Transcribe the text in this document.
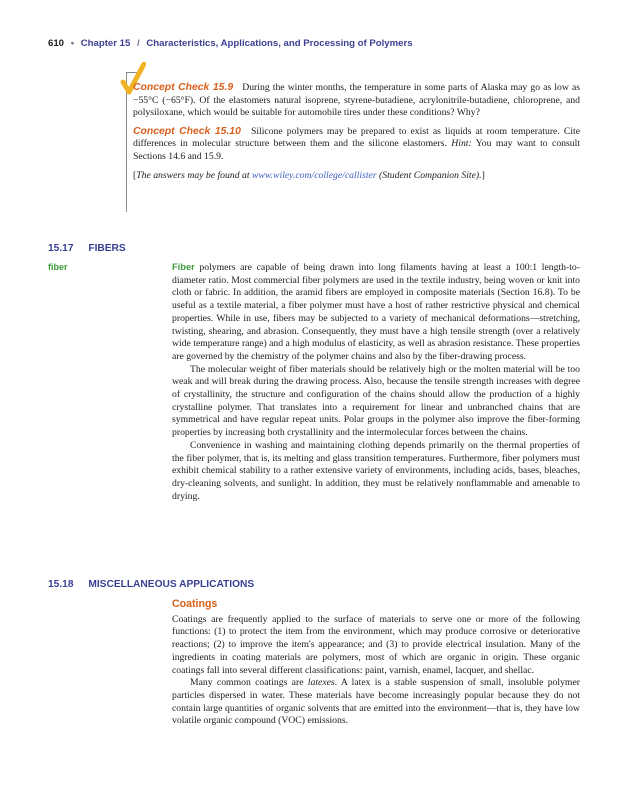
610 • Chapter 15 / Characteristics, Applications, and Processing of Polymers

Concept Check 15.9 During the winter months, the temperature in some parts of Alaska may go as low as −55°C (−65°F). Of the elastomers natural isoprene, styrene-butadiene, acrylonitrile-butadiene, chloroprene, and polysiloxane, which would be suitable for automobile tires under these conditions? Why?

Concept Check 15.10 Silicone polymers may be prepared to exist as liquids at room temperature. Cite differences in molecular structure between them and the silicone elastomers. Hint: You may want to consult Sections 14.6 and 15.9.

[The answers may be found at www.wiley.com/college/callister (Student Companion Site).]

15.17 FIBERS
fiber	Fiber polymers are capable of being drawn into long filaments having at least a 100:1 length-to-diameter ratio. Most commercial fiber polymers are used in the textile industry, being woven or knit into cloth or fabric. In addition, the aramid fibers are employed in composite materials (Section 16.8). To be useful as a textile material, a fiber polymer must have a host of rather restrictive physical and chemical properties. While in use, fibers may be subjected to a variety of mechanical deformations—stretching, twisting, shearing, and abrasion. Consequently, they must have a high tensile strength (over a relatively wide temperature range) and a high modulus of elasticity, as well as abrasion resistance. These properties are governed by the chemistry of the polymer chains and also by the fiber-drawing process.

The molecular weight of fiber materials should be relatively high or the molten material will be too weak and will break during the drawing process. Also, because the tensile strength increases with degree of crystallinity, the structure and configuration of the chains should allow the production of a highly crystalline polymer. That translates into a requirement for linear and unbranched chains that are symmetrical and have regular repeat units. Polar groups in the polymer also improve the fiber-forming properties by increasing both crystallinity and the intermolecular forces between the chains.

Convenience in washing and maintaining clothing depends primarily on the thermal properties of the fiber polymer, that is, its melting and glass transition temperatures. Furthermore, fiber polymers must exhibit chemical stability to a rather extensive variety of environments, including acids, bases, bleaches, dry-cleaning solvents, and sunlight. In addition, they must be relatively nonflammable and amenable to drying.

15.18 MISCELLANEOUS APPLICATIONS
Coatings

Coatings are frequently applied to the surface of materials to serve one or more of the following functions: (1) to protect the item from the environment, which may produce corrosive or deteriorative reactions; (2) to improve the item's appearance; and (3) to provide electrical insulation. Many of the ingredients in coating materials are polymers, most of which are organic in origin. These organic coatings fall into several different classifications: paint, varnish, enamel, lacquer, and shellac.

Many common coatings are latexes. A latex is a stable suspension of small, insoluble polymer particles dispersed in water. These materials have become increasingly popular because they do not contain large quantities of organic solvents that are emitted into the environment—that is, they have low volatile organic compound (VOC) emissions.
